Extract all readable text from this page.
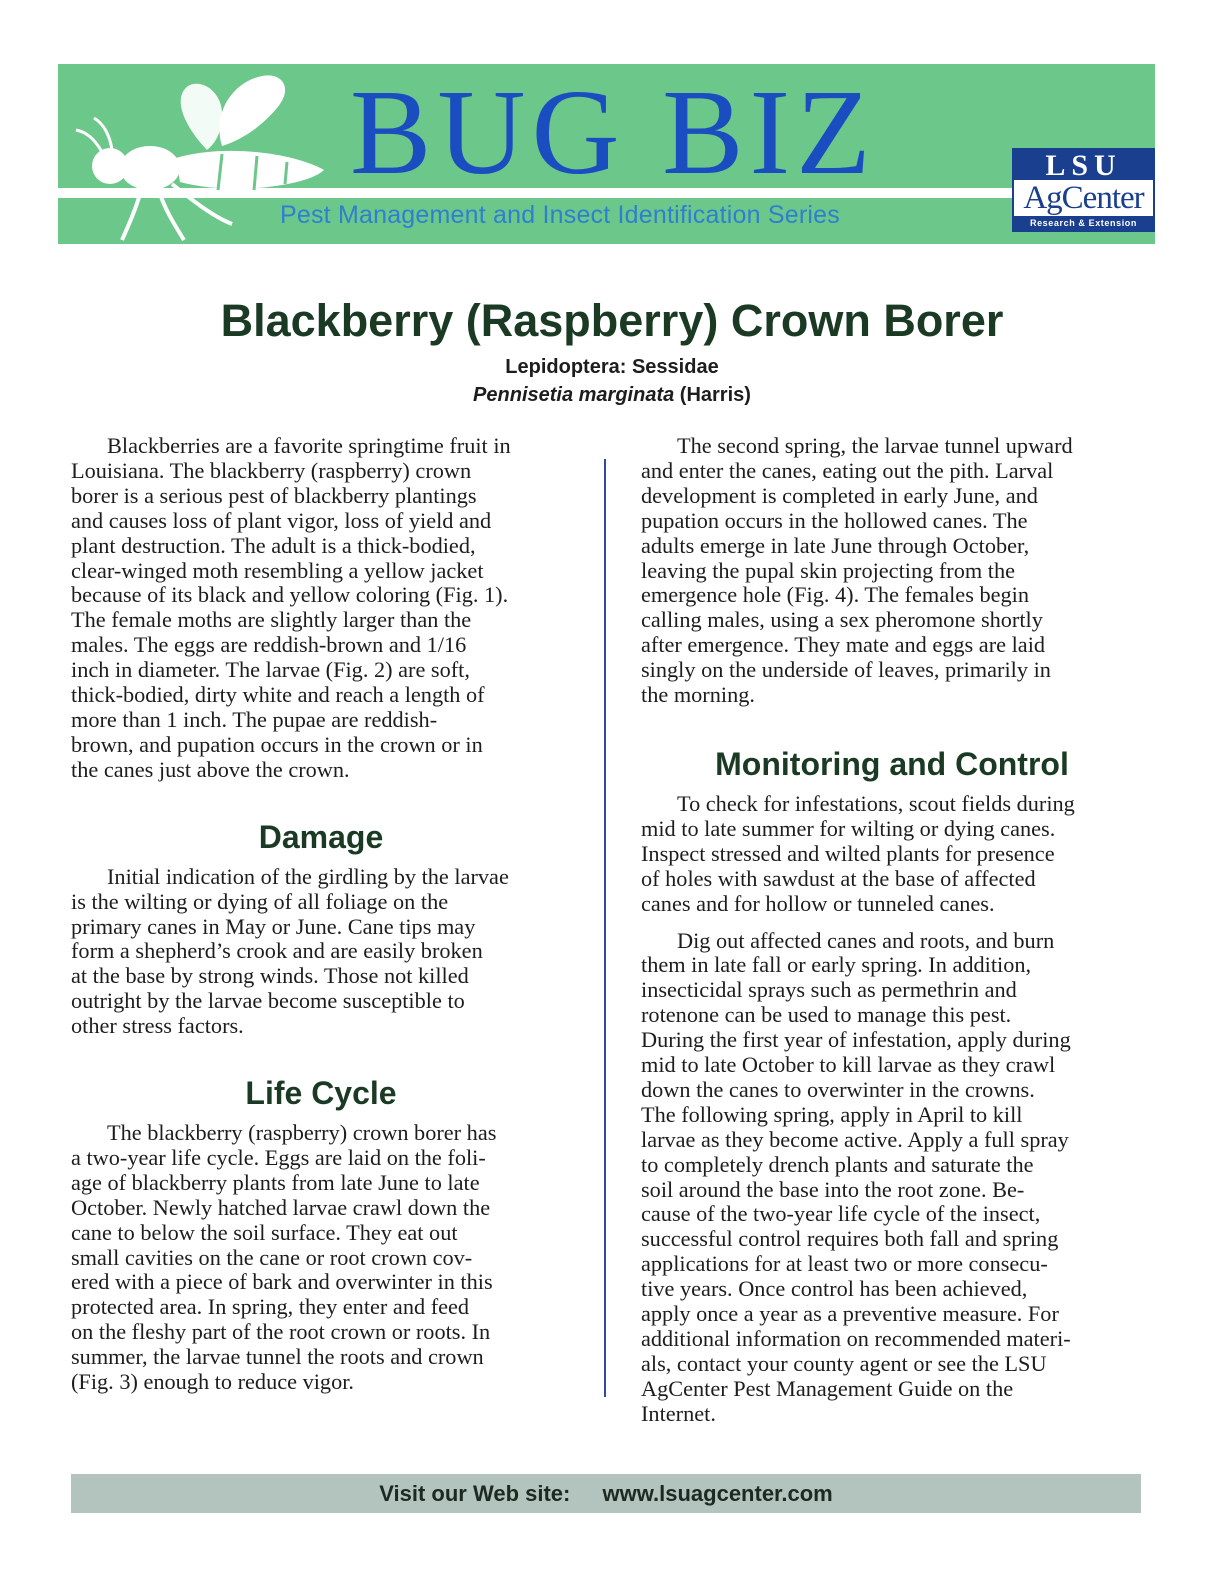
BUG BIZ
Pest Management and Insect Identification Series
LSU
AgCenter
Research & Extension
Blackberry (Raspberry) Crown Borer
Lepidoptera: Sessidae
Pennisetia marginata (Harris)

Blackberries are a favorite springtime fruit in
Louisiana. The blackberry (raspberry) crown
borer is a serious pest of blackberry plantings
and causes loss of plant vigor, loss of yield and
plant destruction. The adult is a thick-bodied,
clear-winged moth resembling a yellow jacket
because of its black and yellow coloring (Fig. 1).
The female moths are slightly larger than the
males. The eggs are reddish-brown and 1/16
inch in diameter. The larvae (Fig. 2) are soft,
thick-bodied, dirty white and reach a length of
more than 1 inch. The pupae are reddish-
brown, and pupation occurs in the crown or in
the canes just above the crown.

Damage

Initial indication of the girdling by the larvae
is the wilting or dying of all foliage on the
primary canes in May or June. Cane tips may
form a shepherd’s crook and are easily broken
at the base by strong winds. Those not killed
outright by the larvae become susceptible to
other stress factors.

Life Cycle

The blackberry (raspberry) crown borer has
a two-year life cycle. Eggs are laid on the foli-
age of blackberry plants from late June to late
October. Newly hatched larvae crawl down the
cane to below the soil surface. They eat out
small cavities on the cane or root crown cov-
ered with a piece of bark and overwinter in this
protected area. In spring, they enter and feed
on the fleshy part of the root crown or roots. In
summer, the larvae tunnel the roots and crown
(Fig. 3) enough to reduce vigor.

The second spring, the larvae tunnel upward
and enter the canes, eating out the pith. Larval
development is completed in early June, and
pupation occurs in the hollowed canes. The
adults emerge in late June through October,
leaving the pupal skin projecting from the
emergence hole (Fig. 4). The females begin
calling males, using a sex pheromone shortly
after emergence. They mate and eggs are laid
singly on the underside of leaves, primarily in
the morning.

Monitoring and Control

To check for infestations, scout fields during
mid to late summer for wilting or dying canes.
Inspect stressed and wilted plants for presence
of holes with sawdust at the base of affected
canes and for hollow or tunneled canes.

Dig out affected canes and roots, and burn
them in late fall or early spring. In addition,
insecticidal sprays such as permethrin and
rotenone can be used to manage this pest.
During the first year of infestation, apply during
mid to late October to kill larvae as they crawl
down the canes to overwinter in the crowns.
The following spring, apply in April to kill
larvae as they become active. Apply a full spray
to completely drench plants and saturate the
soil around the base into the root zone. Be-
cause of the two-year life cycle of the insect,
successful control requires both fall and spring
applications for at least two or more consecu-
tive years. Once control has been achieved,
apply once a year as a preventive measure. For
additional information on recommended materi-
als, contact your county agent or see the LSU
AgCenter Pest Management Guide on the
Internet.

Visit our Web site: www.lsuagcenter.com
